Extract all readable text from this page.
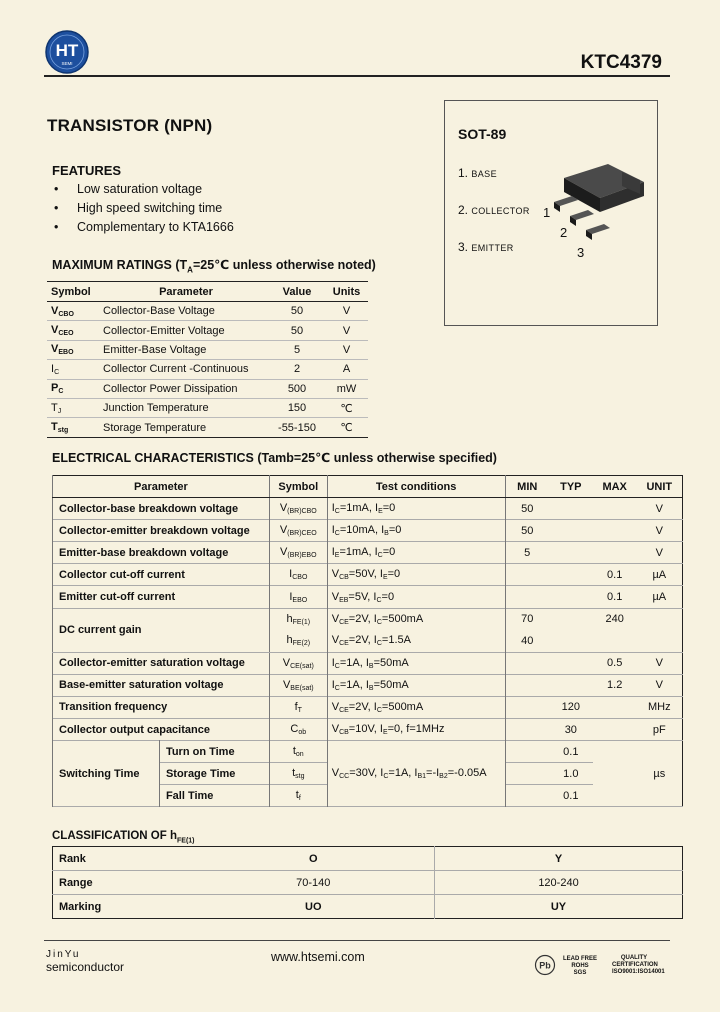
HT
SEMI	KTC4379
TRANSISTOR (NPN)
FEATURES
• Low saturation voltage
• High speed switching time
• Complementary to KTA1666
SOT-89
1. BASE
2. COLLECTOR
3. EMITTER
1
2
3
MAXIMUM RATINGS ($T_A=25℃$ unless otherwise noted)
Symbol	Parameter	Value	Units
VCBO	Collector-Base Voltage	50	V
VCEO	Collector-Emitter Voltage	50	V
VEBO	Emitter-Base Voltage	5	V
IC	Collector Current -Continuous	2	A
PC	Collector Power Dissipation	500	mW
TJ	Junction Temperature	150	℃
Tstg	Storage Temperature	-55-150	℃
ELECTRICAL CHARACTERISTICS (Tamb=25℃ unless otherwise specified)
Parameter		Symbol	Test conditions	MIN	TYP	MAX	UNIT
Collector-base breakdown voltage		V(BR)CBO	IC=1mA, IE=0	50			V
Collector-emitter breakdown voltage		V(BR)CEO	IC=10mA, IB=0	50			V
Emitter-base breakdown voltage		V(BR)EBO	IE=1mA, IC=0	5			V
Collector cut-off current		ICBO	VCB=50V, IE=0			0.1	µA
Emitter cut-off current		IEBO	VEB=5V, IC=0			0.1	µA
DC current gain		hFE(1)	VCE=2V, IC=500mA	70		240	
		hFE(2)	VCE=2V, IC=1.5A	40			
Collector-emitter saturation voltage		VCE(sat)	IC=1A, IB=50mA			0.5	V
Base-emitter saturation voltage		VBE(sat)	IC=1A, IB=50mA			1.2	V
Transition frequency		fT	VCE=2V, IC=500mA		120		MHz
Collector output capacitance		Cob	VCB=10V, IE=0, f=1MHz		30		pF
Switching Time	Turn on Time	ton	VCC=30V, IC=1A, IB1=-IB2=-0.05A		0.1		µs
	Storage Time	tstg			1.0		
	Fall Time	tf			0.1		
CLASSIFICATION OF $h_{FE(1)}$
Rank	O	Y
Range	70-140	120-240
Marking	UO	UY
JinYu
semiconductor
www.htsemi.com
Pb
LEAD FREE
ROHS
SGS
QUALITY
CERTIFICATION
ISO9001:ISO14001
